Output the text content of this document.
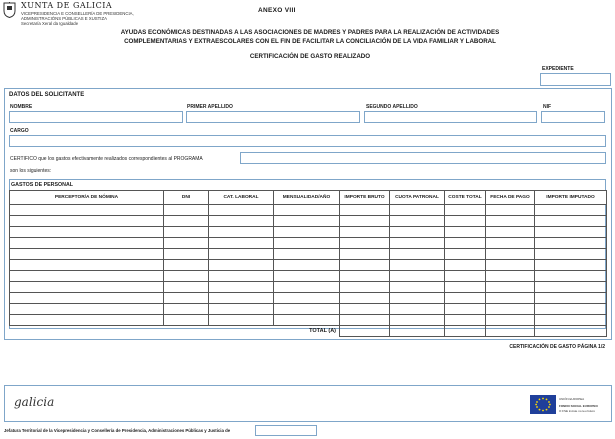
XUNTA DE GALICIA
VICEPRESIDENCIA E CONSELLERÍA DE PRESIDENCIA,
ADMINISTRACIÓNS PÚBLICAS E XUSTIZA
Secretaría Xeral da Igualdade
ANEXO VIII
AYUDAS ECONÓMICAS DESTINADAS A LAS ASOCIACIONES DE MADRES Y PADRES PARA LA REALIZACIÓN DE ACTIVIDADES
COMPLEMENTARIAS Y EXTRAESCOLARES CON EL FIN DE FACILITAR LA CONCILIACIÓN DE LA VIDA FAMILIAR Y LABORAL
CERTIFICACIÓN DE GASTO REALIZADO
EXPEDIENTE
DATOS DEL SOLICITANTE
NOMBRE	PRIMER APELLIDO	SEGUNDO APELLIDO	NIF
CARGO
CERTIFICO que los gastos efectivamente realizados correspondientes al PROGRAMA
son los siguientes:
GASTOS DE PERSONAL
PERCEPTOR/A DE NÓMINA	DNI	CAT. LABORAL	MENSUALIDAD/AÑO	IMPORTE BRUTO	CUOTA PATRONAL	COSTE TOTAL	FECHA DE PAGO	IMPORTE IMPUTADO

			TOTAL (A)					
CERTIFICACIÓN DE GASTO PÁGINA 1/2
galicia	UNIÓN EUROPEA
FONDO SOCIAL EUROPEO
O FSE inviste no teu futuro
Jefatura Territorial de la Vicepresidencia y Consellería de Presidencia, Administraciones Públicas y Justicia de
